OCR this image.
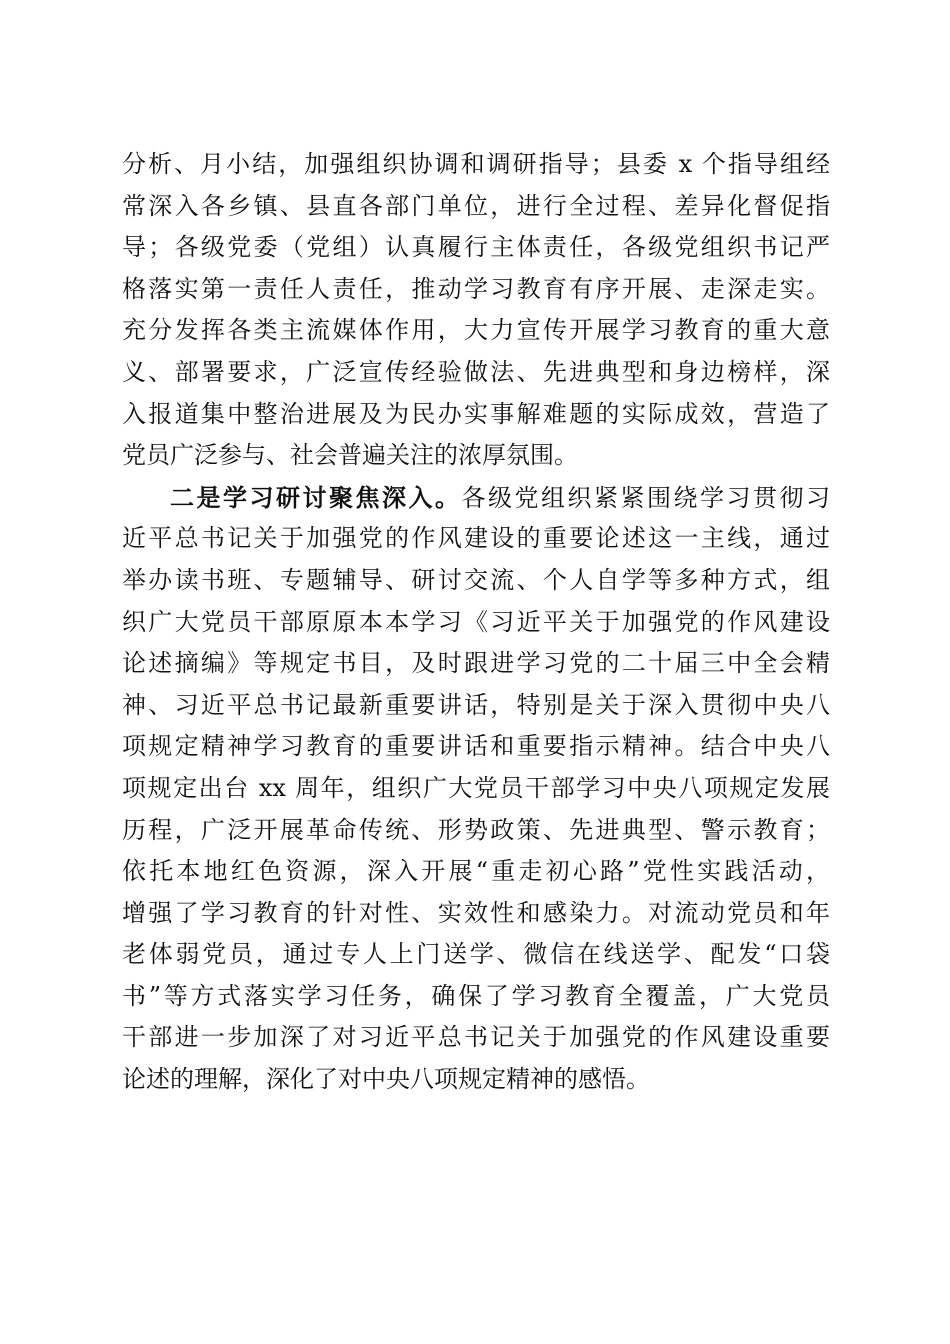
分析、月小结，加强组织协调和调研指导；县委 x 个指导组经
常深入各乡镇、县直各部门单位，进行全过程、差异化督促指
导；各级党委（党组）认真履行主体责任，各级党组织书记严
格落实第一责任人责任，推动学习教育有序开展、走深走实。
充分发挥各类主流媒体作用，大力宣传开展学习教育的重大意
义、部署要求，广泛宣传经验做法、先进典型和身边榜样，深
入报道集中整治进展及为民办实事解难题的实际成效，营造了
党员广泛参与、社会普遍关注的浓厚氛围。
二是学习研讨聚焦深入。各级党组织紧紧围绕学习贯彻习
近平总书记关于加强党的作风建设的重要论述这一主线，通过
举办读书班、专题辅导、研讨交流、个人自学等多种方式，组
织广大党员干部原原本本学习《习近平关于加强党的作风建设
论述摘编》等规定书目，及时跟进学习党的二十届三中全会精
神、习近平总书记最新重要讲话，特别是关于深入贯彻中央八
项规定精神学习教育的重要讲话和重要指示精神。结合中央八
项规定出台 xx 周年，组织广大党员干部学习中央八项规定发展
历程，广泛开展革命传统、形势政策、先进典型、警示教育；
依托本地红色资源，深入开展“重走初心路”党性实践活动，
增强了学习教育的针对性、实效性和感染力。对流动党员和年
老体弱党员，通过专人上门送学、微信在线送学、配发“口袋
书”等方式落实学习任务，确保了学习教育全覆盖，广大党员
干部进一步加深了对习近平总书记关于加强党的作风建设重要
论述的理解，深化了对中央八项规定精神的感悟。
